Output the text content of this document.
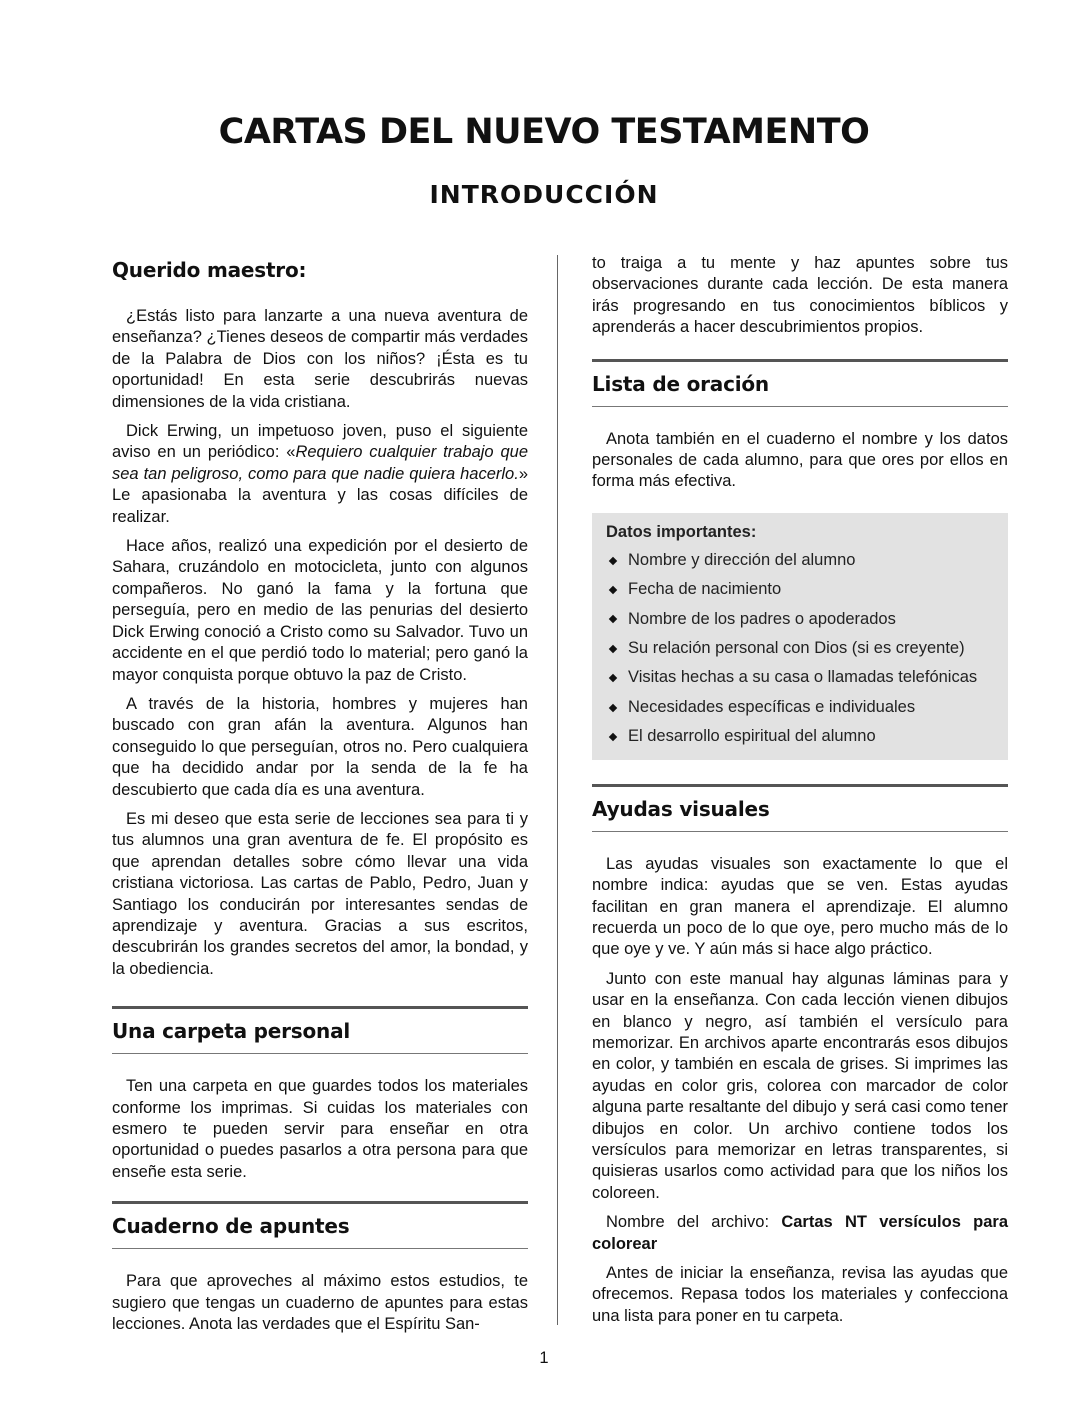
CARTAS DEL NUEVO TESTAMENTO
INTRODUCCIÓN
Querido maestro:

¿Estás listo para lanzarte a una nueva aventura de enseñanza? ¿Tienes deseos de compartir más verdades de la Palabra de Dios con los niños? ¡Ésta es tu oportunidad! En esta serie descubrirás nuevas dimensiones de la vida cristiana.

Dick Erwing, un impetuoso joven, puso el siguiente aviso en un periódico: «Requiero cualquier trabajo que sea tan peligroso, como para que nadie quiera hacerlo.» Le apasionaba la aventura y las cosas difíciles de realizar.

Hace años, realizó una expedición por el desierto de Sahara, cruzándolo en motocicleta, junto con algunos compañeros. No ganó la fama y la fortuna que perseguía, pero en medio de las penurias del desierto Dick Erwing conoció a Cristo como su Salvador. Tuvo un accidente en el que perdió todo lo material; pero ganó la mayor conquista porque obtuvo la paz de Cristo.

A través de la historia, hombres y mujeres han buscado con gran afán la aventura. Algunos han conseguido lo que perseguían, otros no. Pero cualquiera que ha decidido andar por la senda de la fe ha descubierto que cada día es una aventura.

Es mi deseo que esta serie de lecciones sea para ti y tus alumnos una gran aventura de fe. El propósito es que aprendan detalles sobre cómo llevar una vida cristiana victoriosa. Las cartas de Pablo, Pedro, Juan y Santiago los conducirán por interesantes sendas de aprendizaje y aventura. Gracias a sus escritos, descubrirán los grandes secretos del amor, la bondad, y la obediencia.

Una carpeta personal

Ten una carpeta en que guardes todos los materiales conforme los imprimas. Si cuidas los materiales con esmero te pueden servir para enseñar en otra oportunidad o puedes pasarlos a otra persona para que enseñe esta serie.

Cuaderno de apuntes

Para que aproveches al máximo estos estudios, te sugiero que tengas un cuaderno de apuntes para estas lecciones. Anota las verdades que el Espíritu San-

to traiga a tu mente y haz apuntes sobre tus observaciones durante cada lección. De esta manera irás progresando en tus conocimientos bíblicos y aprenderás a hacer descubrimientos propios.

Lista de oración

Anota también en el cuaderno el nombre y los datos personales de cada alumno, para que ores por ellos en forma más efectiva.

Datos importantes:

Nombre y dirección del alumno
Fecha de nacimiento
Nombre de los padres o apoderados
Su relación personal con Dios (si es creyente)
Visitas hechas a su casa o llamadas telefónicas
Necesidades específicas e individuales
El desarrollo espiritual del alumno
Ayudas visuales

Las ayudas visuales son exactamente lo que el nombre indica: ayudas que se ven. Estas ayudas facilitan en gran manera el aprendizaje. El alumno recuerda un poco de lo que oye, pero mucho más de lo que oye y ve. Y aún más si hace algo práctico.

Junto con este manual hay algunas láminas para y usar en la enseñanza. Con cada lección vienen dibujos en blanco y negro, así también el versículo para memorizar. En archivos aparte encontrarás esos dibujos en color, y también en escala de grises. Si imprimes las ayudas en color gris, colorea con marcador de color alguna parte resaltante del dibujo y será casi como tener dibujos en color. Un archivo contiene todos los versículos para memorizar en letras transparentes, si quisieras usarlos como actividad para que los niños los coloreen.

Nombre del archivo: Cartas NT versículos para colorear

Antes de iniciar la enseñanza, revisa las ayudas que ofrecemos. Repasa todos los materiales y confecciona una lista para poner en tu carpeta.

1
